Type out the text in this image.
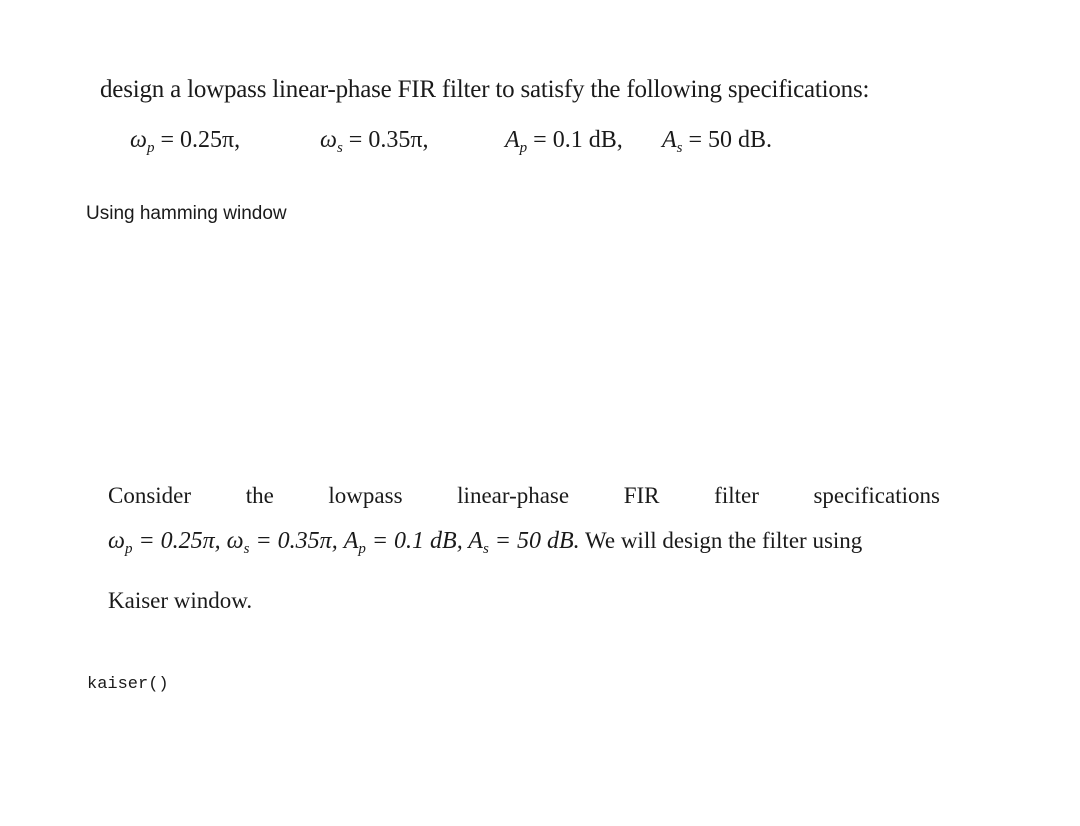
design a lowpass linear-phase FIR filter to satisfy the following specifications:
$\omega_p = 0.25\pi$,	$\omega_s = 0.35\pi$,	$A_p = 0.1$ dB, $A_s = 50$ dB.
Using hamming window
Consider the lowpass linear-phase FIR filter specifications
$\omega_p = 0.25\pi$, $\omega_s = 0.35\pi$, $A_p = 0.1$ dB, $A_s = 50$ dB. We will design the filter using
Kaiser window.
kaiser()
